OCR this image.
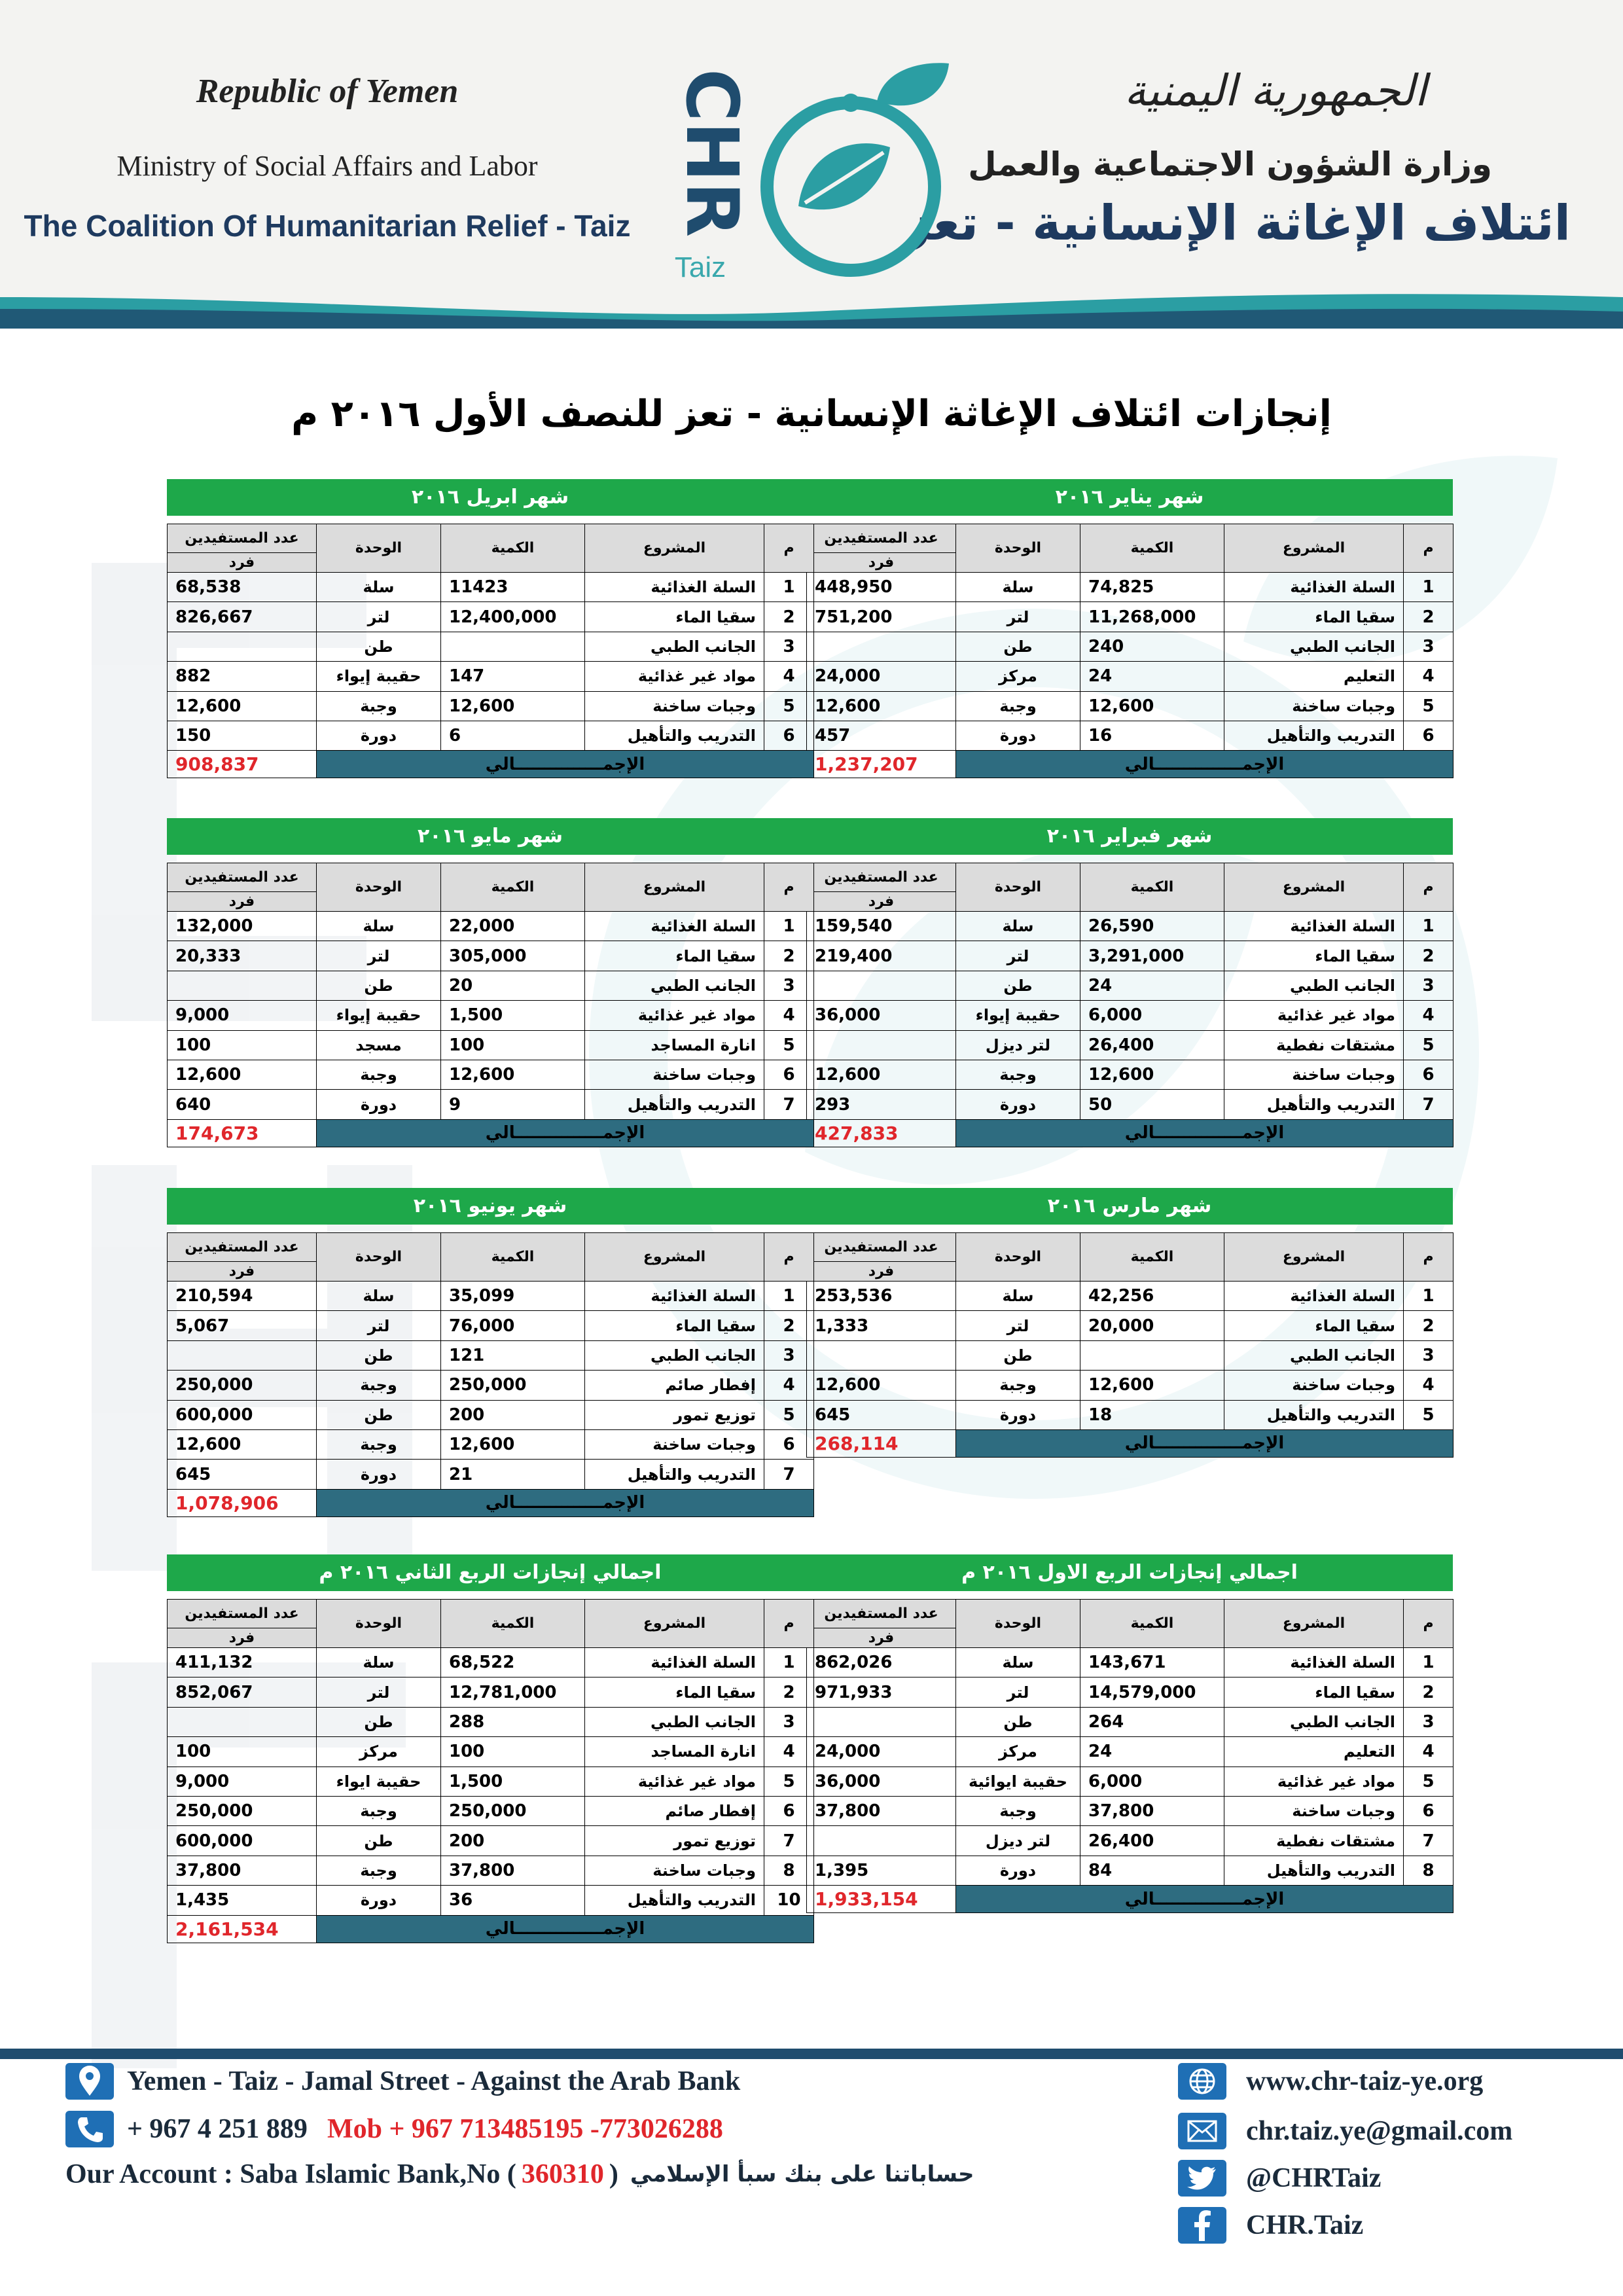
Republic of Yemen
Ministry of Social Affairs and Labor
The Coalition Of Humanitarian Relief - Taiz
الجمهورية اليمنية
وزارة الشؤون الاجتماعية والعمل
ائتلاف الإغاثة الإنسانية - تعز
CHR
Taiz
إنجازات ائتلاف الإغاثة الإنسانية - تعز للنصف الأول ٢٠١٦ م
شهر يناير ٢٠١٦
م	المشروع	الكمية	الوحدة	عدد المستفيدين
				فرد
1	السلة الغذائية	74,825	سلة	448,950
2	سقيا الماء	11,268,000	لتر	751,200
3	الجانب الطبي	240	طن	
4	التعليم	24	مركز	24,000
5	وجبات ساخنة	12,600	وجبة	12,600
6	التدريب والتأهيل	16	دورة	457
الإجمـــــــــــــــالي				1,237,207
شهر ابريل ٢٠١٦
م	المشروع	الكمية	الوحدة	عدد المستفيدين
				فرد
1	السلة الغذائية	11423	سلة	68,538
2	سقيا الماء	12,400,000	لتر	826,667
3	الجانب الطبي		طن	
4	مواد غير غذائية	147	حقيبة إيواء	882
5	وجبات ساخنة	12,600	وجبة	12,600
6	التدريب والتأهيل	6	دورة	150
الإجمـــــــــــــــالي				908,837
شهر فبراير ٢٠١٦
م	المشروع	الكمية	الوحدة	عدد المستفيدين
				فرد
1	السلة الغذائية	26,590	سلة	159,540
2	سقيا الماء	3,291,000	لتر	219,400
3	الجانب الطبي	24	طن	
4	مواد غير غذائية	6,000	حقيبة إيواء	36,000
5	مشتقات نفطية	26,400	لتر ديزل	
6	وجبات ساخنة	12,600	وجبة	12,600
7	التدريب والتأهيل	50	دورة	293
الإجمـــــــــــــــالي				427,833
شهر مايو ٢٠١٦
م	المشروع	الكمية	الوحدة	عدد المستفيدين
				فرد
1	السلة الغذائية	22,000	سلة	132,000
2	سقيا الماء	305,000	لتر	20,333
3	الجانب الطبي	20	طن	
4	مواد غير غذائية	1,500	حقيبة إيواء	9,000
5	انارة المساجد	100	مسجد	100
6	وجبات ساخنة	12,600	وجبة	12,600
7	التدريب والتأهيل	9	دورة	640
الإجمـــــــــــــــالي				174,673
شهر مارس ٢٠١٦
م	المشروع	الكمية	الوحدة	عدد المستفيدين
				فرد
1	السلة الغذائية	42,256	سلة	253,536
2	سقيا الماء	20,000	لتر	1,333
3	الجانب الطبي		طن	
4	وجبات ساخنة	12,600	وجبة	12,600
5	التدريب والتأهيل	18	دورة	645
الإجمـــــــــــــــالي				268,114
شهر يونيو ٢٠١٦
م	المشروع	الكمية	الوحدة	عدد المستفيدين
				فرد
1	السلة الغذائية	35,099	سلة	210,594
2	سقيا الماء	76,000	لتر	5,067
3	الجانب الطبي	121	طن	
4	إفطار صائم	250,000	وجبة	250,000
5	توزيع تمور	200	طن	600,000
6	وجبات ساخنة	12,600	وجبة	12,600
7	التدريب والتأهيل	21	دورة	645
الإجمـــــــــــــــالي				1,078,906
اجمالي إنجازات الربع الاول ٢٠١٦ م
م	المشروع	الكمية	الوحدة	عدد المستفيدين
				فرد
1	السلة الغذائية	143,671	سلة	862,026
2	سقيا الماء	14,579,000	لتر	971,933
3	الجانب الطبي	264	طن	
4	التعليم	24	مركز	24,000
5	مواد غير غذائية	6,000	حقيبة ايوائية	36,000
6	وجبات ساخنة	37,800	وجبة	37,800
7	مشتقات نفطية	26,400	لتر ديزل	
8	التدريب والتأهيل	84	دورة	1,395
الإجمـــــــــــــــالي				1,933,154
اجمالي إنجازات الربع الثاني ٢٠١٦ م
م	المشروع	الكمية	الوحدة	عدد المستفيدين
				فرد
1	السلة الغذائية	68,522	سلة	411,132
2	سقيا الماء	12,781,000	لتر	852,067
3	الجانب الطبي	288	طن	
4	انارة المساجد	100	مركز	100
5	مواد غير غذائية	1,500	حقيبة ايواء	9,000
6	إفطار صائم	250,000	وجبة	250,000
7	توزيع تمور	200	طن	600,000
8	وجبات ساخنة	37,800	وجبة	37,800
10	التدريب والتأهيل	36	دورة	1,435
الإجمـــــــــــــــالي				2,161,534
Yemen - Taiz - Jamal Street - Against the Arab Bank
+ 967 4 251 889 Mob + 967 713485195 -773026288
Our Account : Saba Islamic Bank,No ( 360310 ) حساباتنا على بنك سبأ الإسلامي
www.chr-taiz-ye.org
chr.taiz.ye@gmail.com
@CHRTaiz
CHR.Taiz
